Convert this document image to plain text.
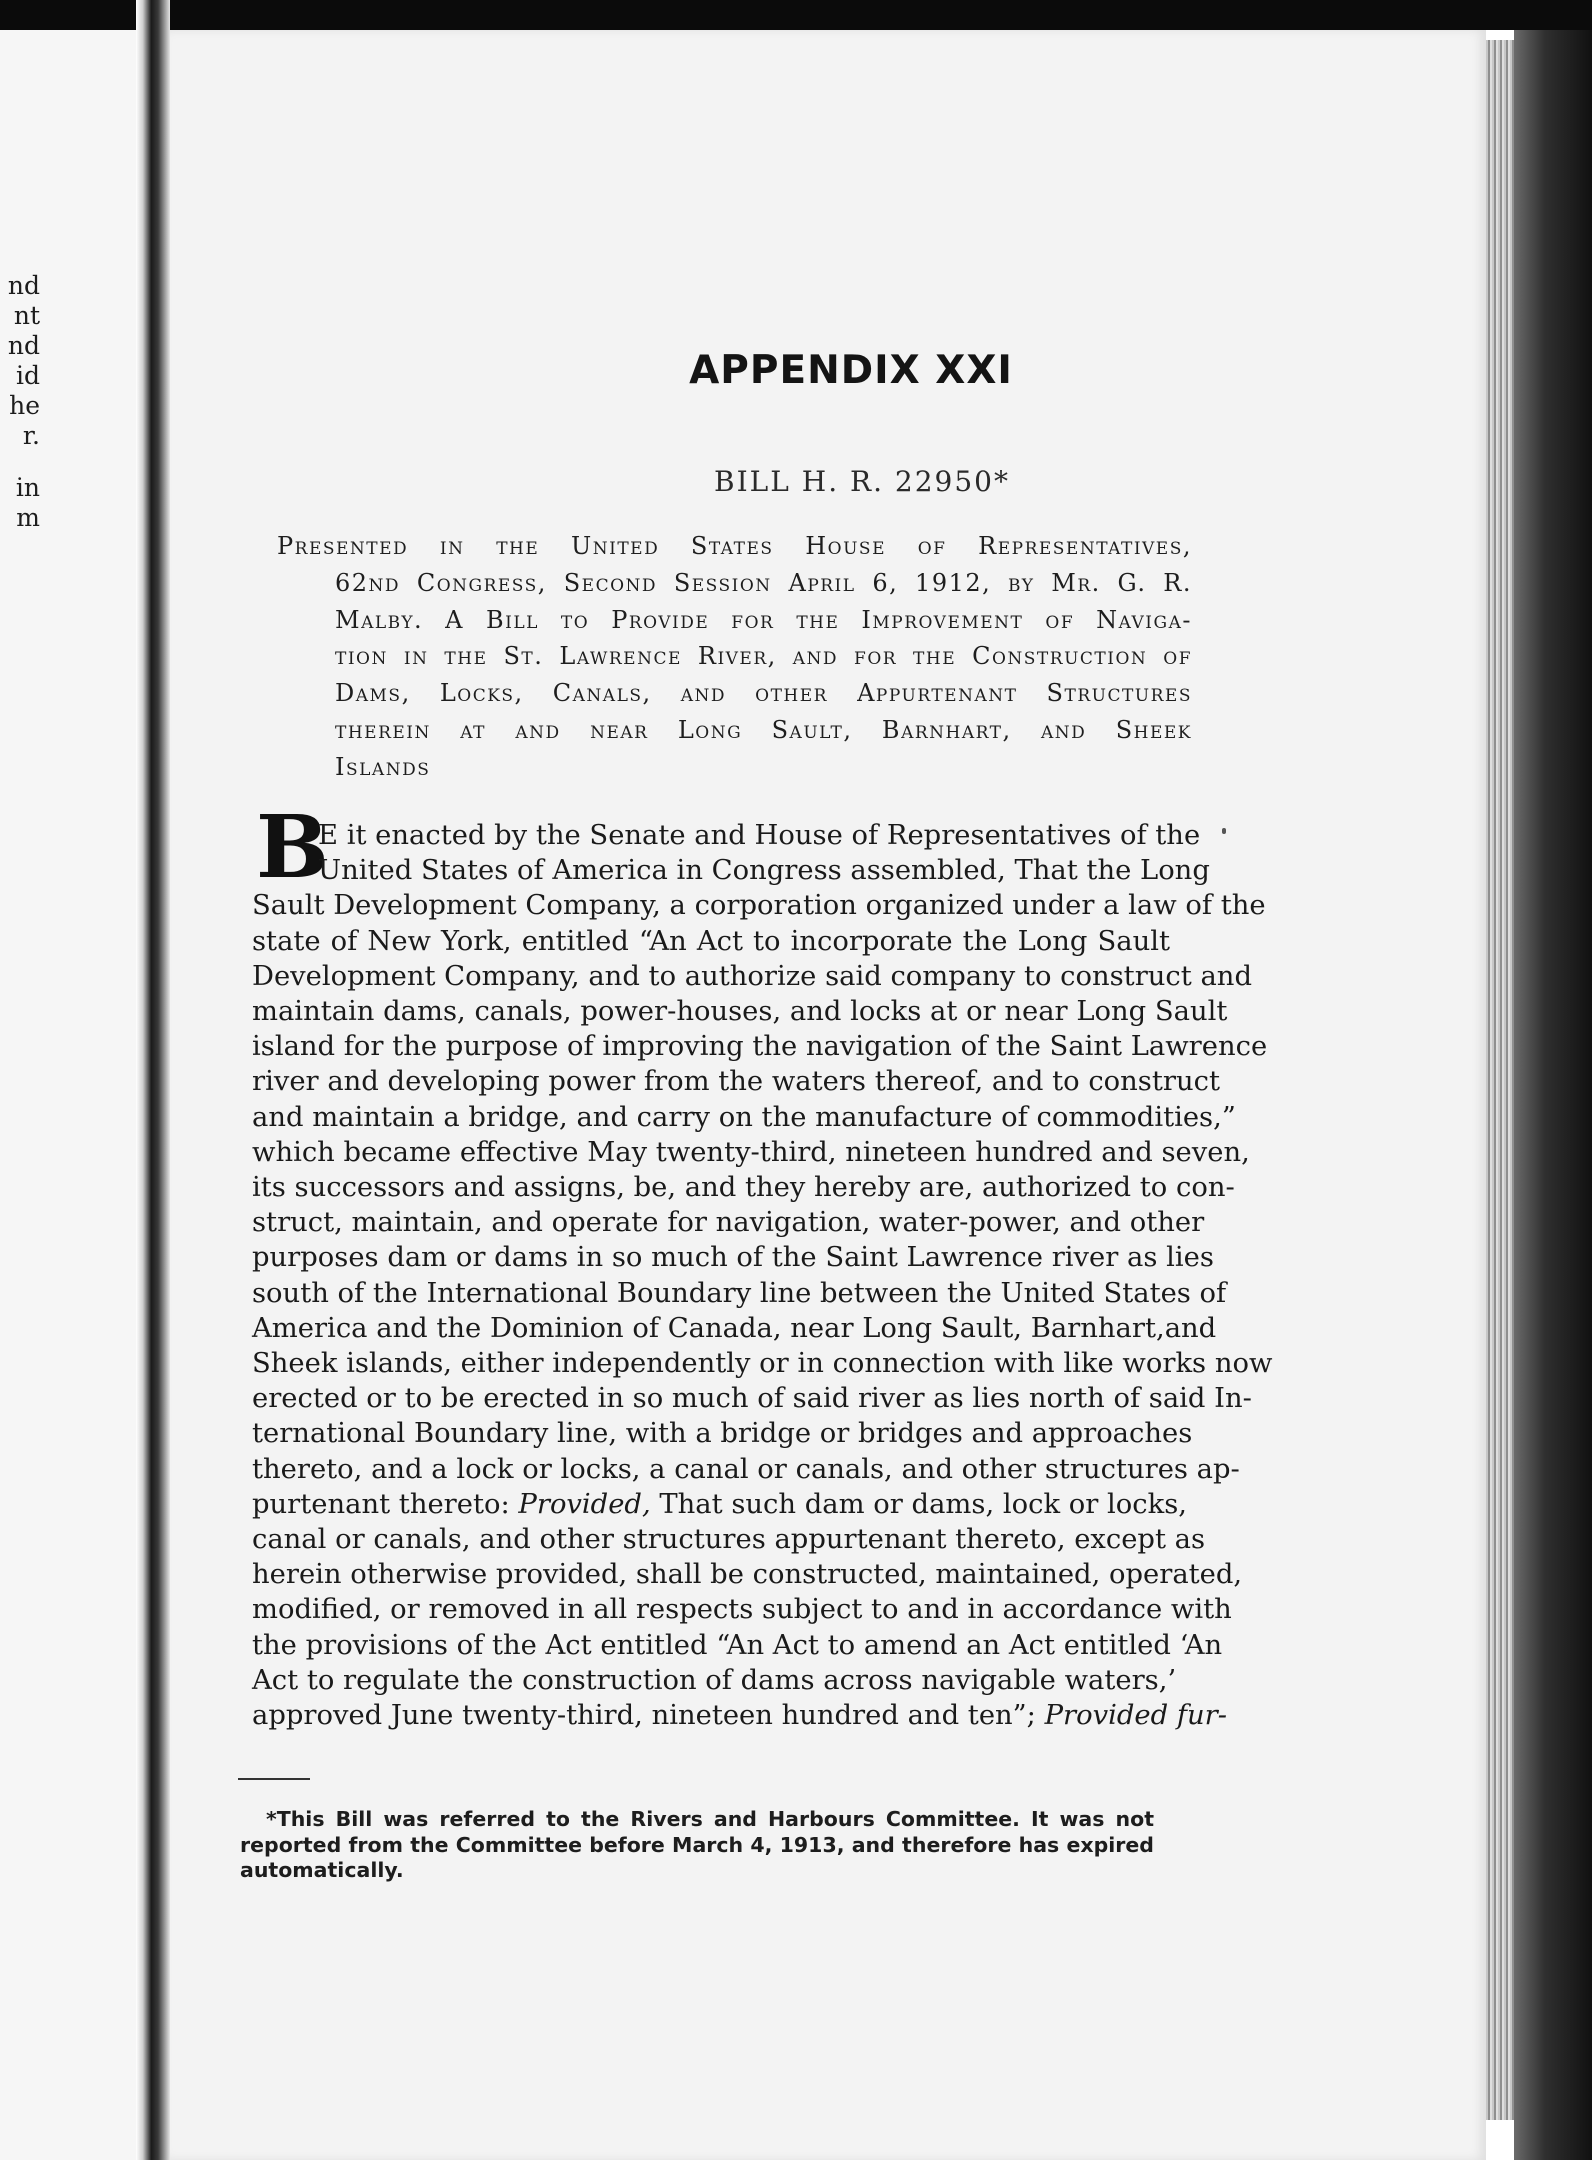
nd
nt
nd
id
he
r.
in
m
APPENDIX XXI
BILL H. R. 22950*
Presented in the United States House of Representatives,
62nd Congress, Second Session April 6, 1912, by Mr. G. R.
Malby. A Bill to Provide for the Improvement of Naviga-
tion in the St. Lawrence River, and for the Construction of
Dams, Locks, Canals, and other Appurtenant Structures
therein at and near Long Sault, Barnhart, and Sheek
Islands
B
E it enacted by the Senate and House of Representatives of the
United States of America in Congress assembled, That the Long
Sault Development Company, a corporation organized under a law of the
state of New York, entitled “An Act to incorporate the Long Sault
Development Company, and to authorize said company to construct and
maintain dams, canals, power-houses, and locks at or near Long Sault
island for the purpose of improving the navigation of the Saint Lawrence
river and developing power from the waters thereof, and to construct
and maintain a bridge, and carry on the manufacture of commodities,”
which became effective May twenty-third, nineteen hundred and seven,
its successors and assigns, be, and they hereby are, authorized to con-
struct, maintain, and operate for navigation, water-power, and other
purposes dam or dams in so much of the Saint Lawrence river as lies
south of the International Boundary line between the United States of
America and the Dominion of Canada, near Long Sault, Barnhart,and
Sheek islands, either independently or in connection with like works now
erected or to be erected in so much of said river as lies north of said In-
ternational Boundary line, with a bridge or bridges and approaches
thereto, and a lock or locks, a canal or canals, and other structures ap-
purtenant thereto: Provided, That such dam or dams, lock or locks,
canal or canals, and other structures appurtenant thereto, except as
herein otherwise provided, shall be constructed, maintained, operated,
modified, or removed in all respects subject to and in accordance with
the provisions of the Act entitled “An Act to amend an Act entitled ‘An
Act to regulate the construction of dams across navigable waters,’
approved June twenty-third, nineteen hundred and ten”; Provided fur-
*This Bill was referred to the Rivers and Harbours Committee. It was not
reported from the Committee before March 4, 1913, and therefore has expired
automatically.
